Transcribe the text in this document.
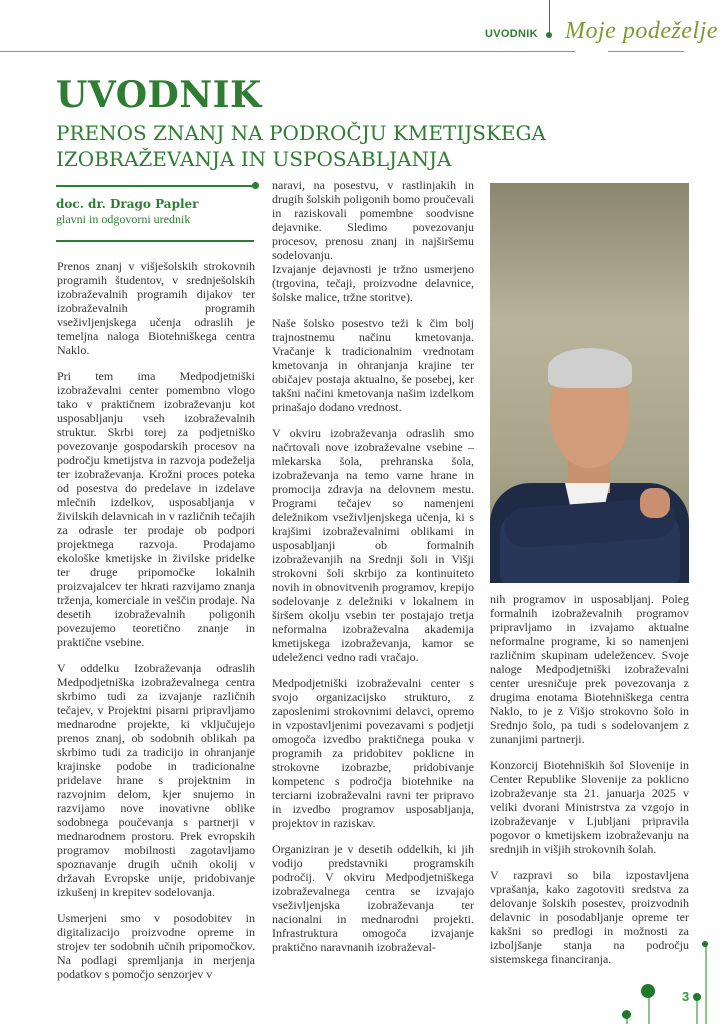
UVODNIK Moje podeželje
UVODNIK
PRENOS ZNANJ NA PODROČJU KMETIJSKEGA IZOBRAŽEVANJA IN USPOSABLJANJA
doc. dr. Drago Papler
glavni in odgovorni urednik

Prenos znanj v višješolskih strokovnih programih študentov, v srednješolskih izobraževalnih programih dijakov ter izobraževalnih programih vseživljenjskega učenja odraslih je temeljna naloga Biotehniškega centra Naklo.

Pri tem ima Medpodjetniški izobraževalni center pomembno vlogo tako v praktičnem izobraževanju kot usposabljanju vseh izobraževalnih struktur. Skrbi torej za podjetniško povezovanje gospodarskih procesov na področju kmetijstva in razvoja podeželja ter izobraževanja. Krožni proces poteka od posestva do predelave in izdelave mlečnih izdelkov, usposabljanja v živilskih delavnicah in v različnih tečajih za odrasle ter prodaje ob podpori projektnega razvoja. Prodajamo ekološke kmetijske in živilske pridelke ter druge pripomočke lokalnih proizvajalcev ter hkrati razvijamo znanja trženja, komerciale in veščin prodaje. Na desetih izobraževalnih poligonih povezujemo teoretično znanje in praktične vsebine.

V oddelku Izobraževanja odraslih Medpodjetniška izobraževalnega centra skrbimo tudi za izvajanje različnih tečajev, v Projektni pisarni pripravljamo mednarodne projekte, ki vključujejo prenos znanj, ob sodobnih oblikah pa skrbimo tudi za tradicijo in ohranjanje krajinske podobe in tradicionalne pridelave hrane s projektnim in razvojnim delom, kjer snujemo in razvijamo nove inovativne oblike sodobnega poučevanja s partnerji v mednarodnem prostoru. Prek evropskih programov mobilnosti zagotavljamo spoznavanje drugih učnih okolij v državah Evropske unije, pridobivanje izkušenj in krepitev sodelovanja.

Usmerjeni smo v posodobitev in digitalizacijo proizvodne opreme in strojev ter sodobnih učnih pripomočkov. Na podlagi spremljanja in merjenja podatkov s pomočjo senzorjev v

naravi, na posestvu, v rastlinjakih in drugih šolskih poligonih bomo proučevali in raziskovali pomembne soodvisne dejavnike. Sledimo povezovanju procesov, prenosu znanj in najširšemu sodelovanju.

Izvajanje dejavnosti je tržno usmerjeno (trgovina, tečaji, proizvodne delavnice, šolske malice, tržne storitve).

Naše šolsko posestvo teži k čim bolj trajnostnemu načinu kmetovanja. Vračanje k tradicionalnim vrednotam kmetovanja in ohranjanja krajine ter običajev postaja aktualno, še posebej, ker takšni načini kmetovanja našim izdelkom prinašajo dodano vrednost.

V okviru izobraževanja odraslih smo načrtovali nove izobraževalne vsebine – mlekarska šola, prehranska šola, izobraževanja na temo varne hrane in promocija zdravja na delovnem mestu. Programi tečajev so namenjeni deležnikom vseživljenjskega učenja, ki s krajšimi izobraževalnimi oblikami in usposabljanji ob formalnih izobraževanjih na Srednji šoli in Višji strokovni šoli skrbijo za kontinuiteto novih in obnovitvenih programov, krepijo sodelovanje z deležniki v lokalnem in širšem okolju vsebin ter postajajo tretja neformalna izobraževalna akademija kmetijskega izobraževanja, kamor se udeleženci vedno radi vračajo.

Medpodjetniški izobraževalni center s svojo organizacijsko strukturo, z zaposlenimi strokovnimi delavci, opremo in vzpostavljenimi povezavami s podjetji omogoča izvedbo praktičnega pouka v programih za pridobitev poklicne in strokovne izobrazbe, pridobivanje kompetenc s področja biotehnike na terciarni izobraževalni ravni ter pripravo in izvedbo programov usposabljanja, projektov in raziskav.

Organiziran je v desetih oddelkih, ki jih vodijo predstavniki programskih področij. V okviru Medpodjetniškega izobraževalnega centra se izvajajo vseživljenjska izobraževanja ter nacionalni in mednarodni projekti. Infrastruktura omogoča izvajanje praktično naravnanih izobraževal-

nih programov in usposabljanj. Poleg formalnih izobraževalnih programov pripravljamo in izvajamo aktualne neformalne programe, ki so namenjeni različnim skupinam udeležencev. Svoje naloge Medpodjetniški izobraževalni center uresničuje prek povezovanja z drugima enotama Biotehniškega centra Naklo, to je z Višjo strokovno šolo in Srednjo šolo, pa tudi s sodelovanjem z zunanjimi partnerji.

Konzorcij Biotehniških šol Slovenije in Center Republike Slovenije za poklicno izobraževanje sta 21. januarja 2025 v veliki dvorani Ministrstva za vzgojo in izobraževanje v Ljubljani pripravila pogovor o kmetijskem izobraževanju na srednjih in višjih strokovnih šolah.

V razpravi so bila izpostavljena vprašanja, kako zagotoviti sredstva za delovanje šolskih posestev, proizvodnih delavnic in posodabljanje opreme ter kakšni so predlogi in možnosti za izboljšanje stanja na področju sistemskega financiranja.

3
